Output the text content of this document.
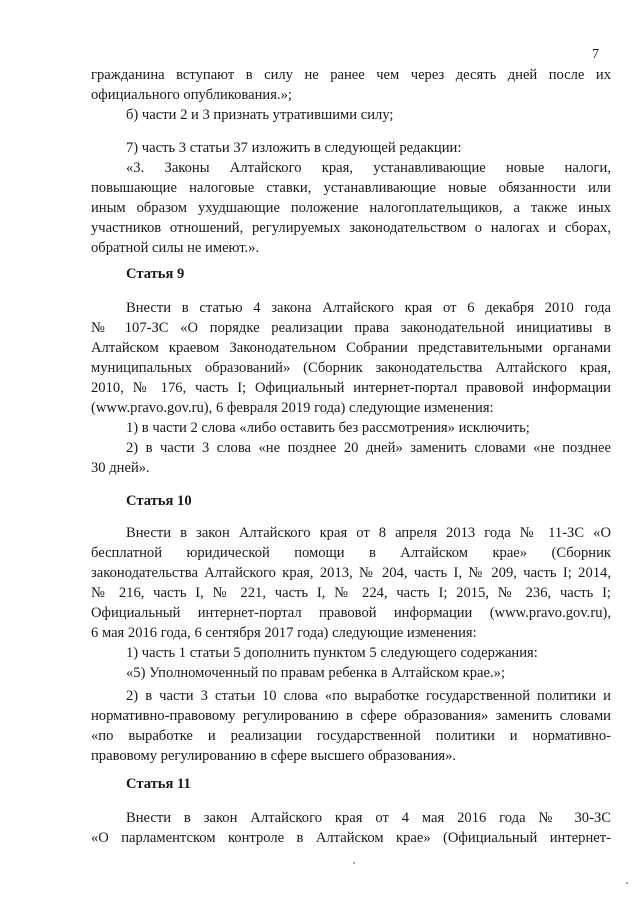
7
гражданина вступают в силу не ранее чем через десять дней после их
официального опубликования.»;
б) части 2 и 3 признать утратившими силу;
7) часть 3 статьи 37 изложить в следующей редакции:
«3. Законы Алтайского края, устанавливающие новые налоги,
повышающие налоговые ставки, устанавливающие новые обязанности или
иным образом ухудшающие положение налогоплательщиков, а также иных
участников отношений, регулируемых законодательством о налогах и сборах,
обратной силы не имеют.».
Статья 9
Внести в статью 4 закона Алтайского края от 6 декабря 2010 года
№ 107-ЗС «О порядке реализации права законодательной инициативы в
Алтайском краевом Законодательном Собрании представительными органами
муниципальных образований» (Сборник законодательства Алтайского края,
2010, № 176, часть I; Официальный интернет-портал правовой информации
(www.pravo.gov.ru), 6 февраля 2019 года) следующие изменения:
1) в части 2 слова «либо оставить без рассмотрения» исключить;
2) в части 3 слова «не позднее 20 дней» заменить словами «не позднее
30 дней».
Статья 10
Внести в закон Алтайского края от 8 апреля 2013 года № 11-ЗС «О
бесплатной юридической помощи в Алтайском крае» (Сборник
законодательства Алтайского края, 2013, № 204, часть I, № 209, часть I; 2014,
№ 216, часть I, № 221, часть I, № 224, часть I; 2015, № 236, часть I;
Официальный интернет-портал правовой информации (www.pravo.gov.ru),
6 мая 2016 года, 6 сентября 2017 года) следующие изменения:
1) часть 1 статьи 5 дополнить пунктом 5 следующего содержания:
«5) Уполномоченный по правам ребенка в Алтайском крае.»;
2) в части 3 статьи 10 слова «по выработке государственной политики и
нормативно-правовому регулированию в сфере образования» заменить словами
«по выработке и реализации государственной политики и нормативно-
правовому регулированию в сфере высшего образования».
Статья 11
Внести в закон Алтайского края от 4 мая 2016 года № 30-ЗС
«О парламентском контроле в Алтайском крае» (Официальный интернет-
